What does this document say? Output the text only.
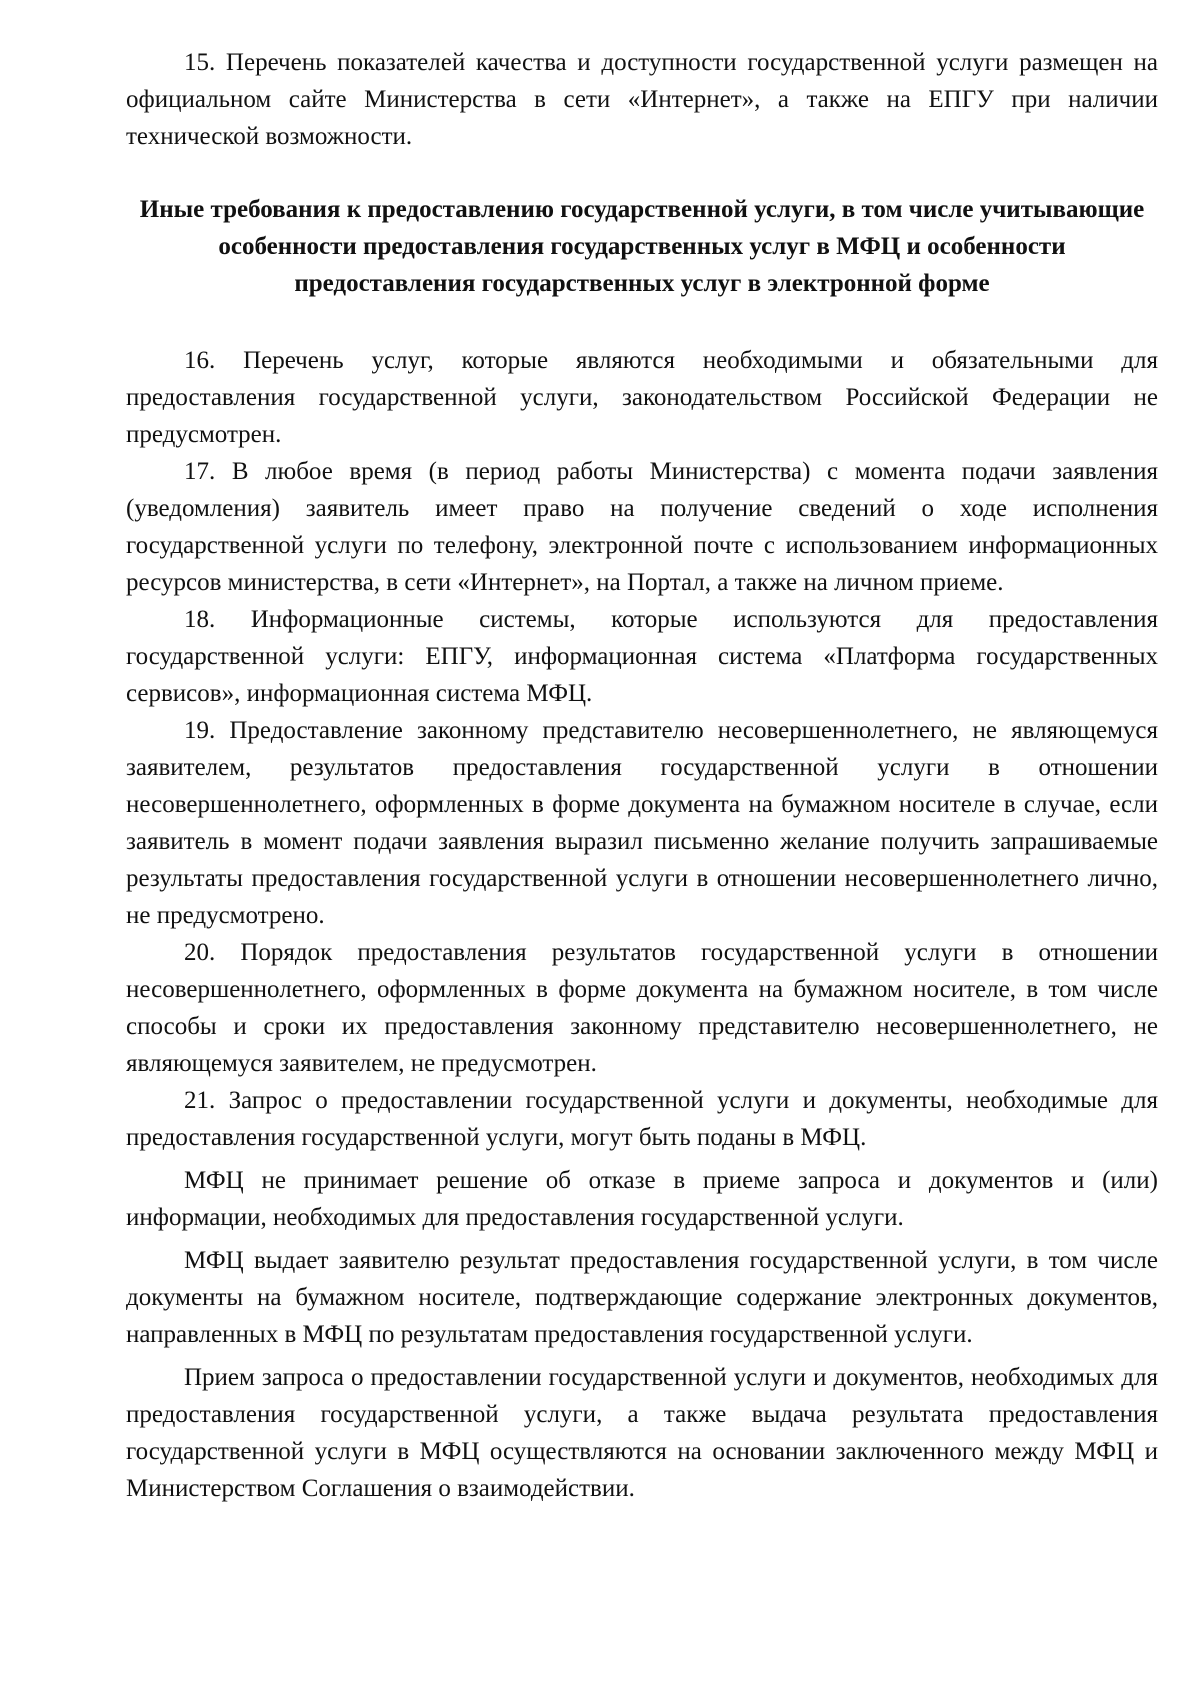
15. Перечень показателей качества и доступности государственной услуги размещен на официальном сайте Министерства в сети «Интернет», а также на ЕПГУ при наличии технической возможности.

Иные требования к предоставлению государственной услуги, в том числе учитывающие особенности предоставления государственных услуг в МФЦ и особенности предоставления государственных услуг в электронной форме

16. Перечень услуг, которые являются необходимыми и обязательными для предоставления государственной услуги, законодательством Российской Федерации не предусмотрен.

17. В любое время (в период работы Министерства) с момента подачи заявления (уведомления) заявитель имеет право на получение сведений о ходе исполнения государственной услуги по телефону, электронной почте с использованием информационных ресурсов министерства, в сети «Интернет», на Портал, а также на личном приеме.

18. Информационные системы, которые используются для предоставления государственной услуги: ЕПГУ, информационная система «Платформа государственных сервисов», информационная система МФЦ.

19. Предоставление законному представителю несовершеннолетнего, не являющемуся заявителем, результатов предоставления государственной услуги в отношении несовершеннолетнего, оформленных в форме документа на бумажном носителе в случае, если заявитель в момент подачи заявления выразил письменно желание получить запрашиваемые результаты предоставления государственной услуги в отношении несовершеннолетнего лично, не предусмотрено.

20. Порядок предоставления результатов государственной услуги в отношении несовершеннолетнего, оформленных в форме документа на бумажном носителе, в том числе способы и сроки их предоставления законному представителю несовершеннолетнего, не являющемуся заявителем, не предусмотрен.

21. Запрос о предоставлении государственной услуги и документы, необходимые для предоставления государственной услуги, могут быть поданы в МФЦ.

МФЦ не принимает решение об отказе в приеме запроса и документов и (или) информации, необходимых для предоставления государственной услуги.

МФЦ выдает заявителю результат предоставления государственной услуги, в том числе документы на бумажном носителе, подтверждающие содержание электронных документов, направленных в МФЦ по результатам предоставления государственной услуги.

Прием запроса о предоставлении государственной услуги и документов, необходимых для предоставления государственной услуги, а также выдача результата предоставления государственной услуги в МФЦ осуществляются на основании заключенного между МФЦ и Министерством Соглашения о взаимодействии.
